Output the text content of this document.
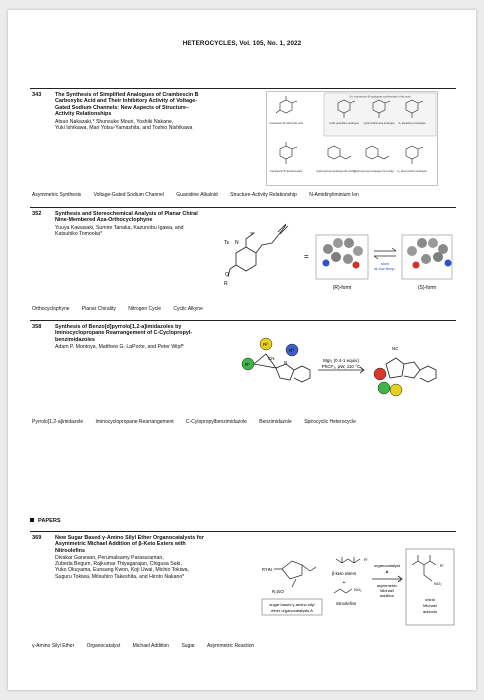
HETEROCYCLES, Vol. 105, No. 1, 2022
343	The Synthesis of Simplified Analogues of Crambescin B
Carboxylic Acid and Their Inhibitory Activity of Voltage-
Gated Sodium Channels: New Aspects of Structure–
Activity Relationships
Atsuo Nakazaki,* Shunsuke Mouri, Yoshiki Nakane,
Yuki Ishikawa, Mari Yotsu-Yamashita, and Toshio Nishikawa
Sn: crambescin B analogues synthesized in this work
crambescin B carboxylic acid	cyclic guanidine analogue cyclic isothiourea analogue C₁ decarboxyl analogue
crambescin B decarboxylate	hydroxypropyl analogue (R-config)
hydroxypropyl analogue (S-config) C₂ deoxymethyl analogue
Asymmetric Synthesis Voltage-Gated Sodium Channel Guanidine Alkaloid Structure-Activity Relationship N-Amidinyliminium Ion
352	Synthesis and Stereochemical Analysis of Planar Chiral
Nine-Membered Aza-Orthocyclophyne
Yuuya Kawasaki, Sumire Tanaka, Kazunobu Igawa, and
Katsuhiko Tomooka*
Ts N
O
R
=
slow
at low temp.
(R)-form	(S)-form
Orthocyclophyne Planar Chirality Nitrogen Cycle Cyclic Alkyne
358	Synthesis of Benzo[d]pyrrolo[1,2-a]imidazoles by
Iminocyclopropane Rearrangement of C-Cyclopropyl-
benzimidazoles
Adam P. Montoya, Matthew G. LaPorte, and Peter Wipf*
R¹
R²
R³
CN
N	MgI₂ (0.4-1 equiv)
PhCF₃, μW, 110 °C
NC
Pyrrolo[1,2-a]imidazole Iminocyclopropane Rearrangement C-Cylopropylbenzimidazole Benzimidazole Spirocyclic Heterocycle
PAPERS
369	New Sugar Based γ-Amino Silyl Ether Organocatalysts for
Asymmetric Michael Addition of β-Keto Esters with
Nitroolefins
Divakar Ganesan, Perumalsamy Parasuraman,
Zubeda Begum, Rajkumar Thiyagarajan, Chigusa Seki,
Yuko Okuyama, Eunsang Kwon, Koji Uwai, Michio Tokiwa,
Suguru Tokiwa, Mitsuhiro Takeshita, and Hiroto Nakano*
R'HN
R₃SiO
sugar based γ-amino silyl
ether organocatalysts A
R'
β-keto esters
+
NO₂
nitroolefins
organocatalyst
A
asymmetric
Michael
addition
R'
NO₂
chiral
Michael
adducts
γ-Amino Silyl Ether Organocatalyst Michael Addition Sugar Asymmetric Reaction
